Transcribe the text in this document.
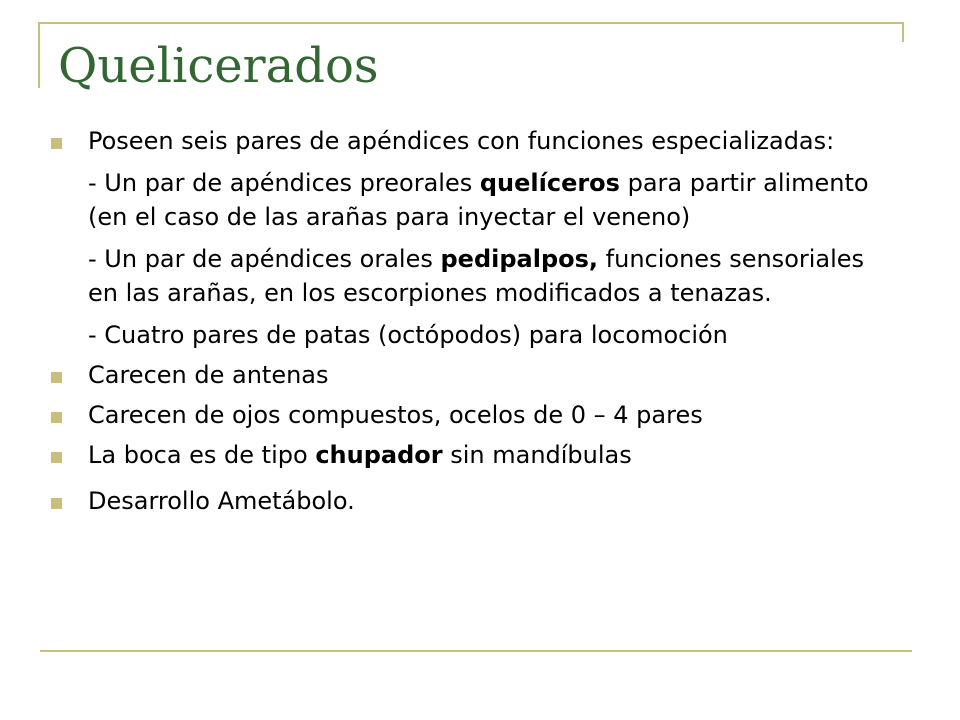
Quelicerados

Poseen seis pares de apéndices con funciones especializadas:

- Un par de apéndices preorales quelíceros para partir alimento (en el caso de las arañas para inyectar el veneno)

- Un par de apéndices orales pedipalpos, funciones sensoriales en las arañas, en los escorpiones modificados a tenazas.

- Cuatro pares de patas (octópodos) para locomoción

Carecen de antenas

Carecen de ojos compuestos, ocelos de 0 – 4 pares

La boca es de tipo chupador sin mandíbulas

Desarrollo Ametábolo.
